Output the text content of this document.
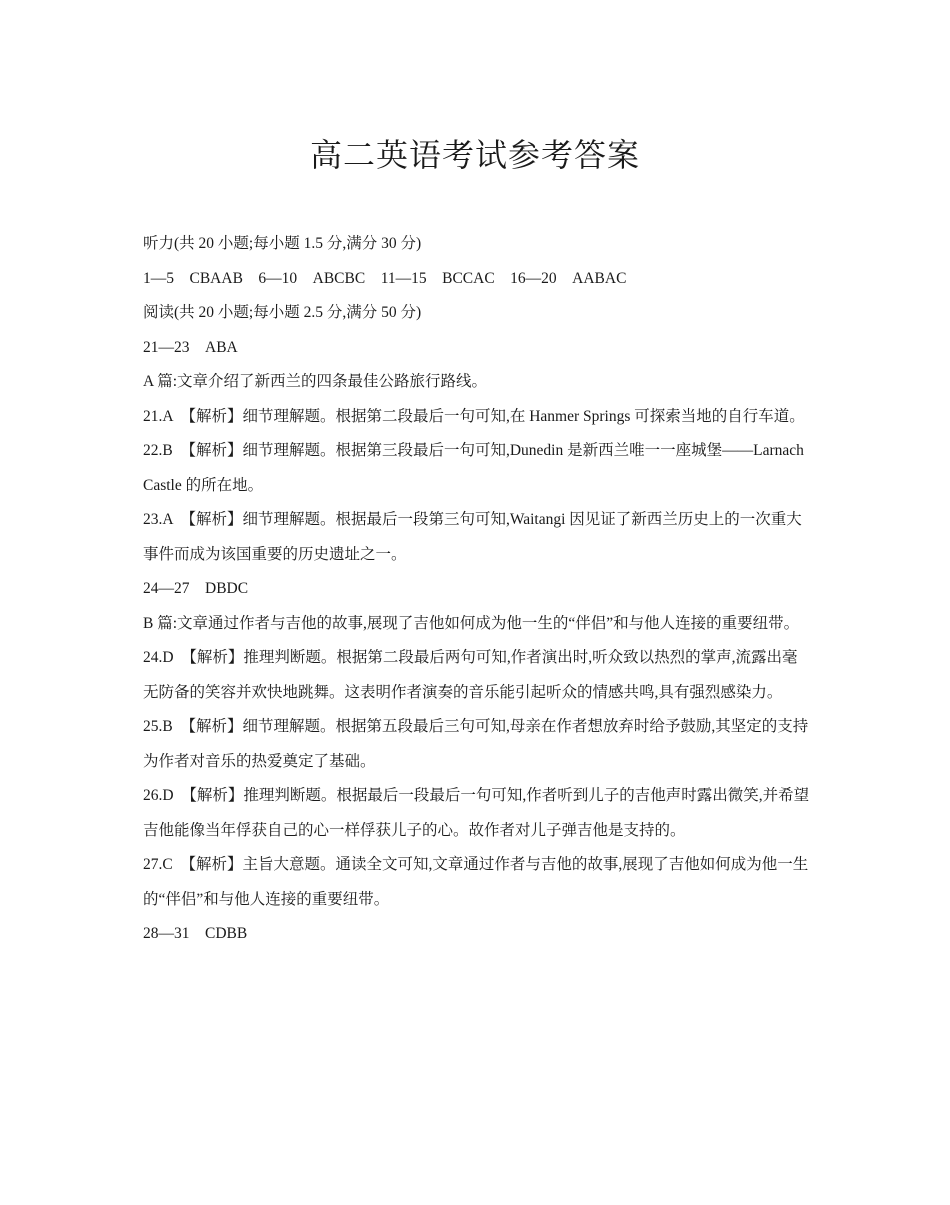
高二英语考试参考答案

听力(共 20 小题;每小题 1.5 分,满分 30 分)

1—5　CBAAB　6—10　ABCBC　11—15　BCCAC　16—20　AABAC

阅读(共 20 小题;每小题 2.5 分,满分 50 分)

21—23　ABA

A 篇:文章介绍了新西兰的四条最佳公路旅行路线。

21.A　【解析】细节理解题。根据第二段最后一句可知,在 Hanmer Springs 可探索当地的自行车道。

22.B　【解析】细节理解题。根据第三段最后一句可知,Dunedin 是新西兰唯一一座城堡——Larnach Castle 的所在地。

23.A　【解析】细节理解题。根据最后一段第三句可知,Waitangi 因见证了新西兰历史上的一次重大事件而成为该国重要的历史遗址之一。

24—27　DBDC

B 篇:文章通过作者与吉他的故事,展现了吉他如何成为他一生的“伴侣”和与他人连接的重要纽带。

24.D　【解析】推理判断题。根据第二段最后两句可知,作者演出时,听众致以热烈的掌声,流露出毫无防备的笑容并欢快地跳舞。这表明作者演奏的音乐能引起听众的情感共鸣,具有强烈感染力。

25.B　【解析】细节理解题。根据第五段最后三句可知,母亲在作者想放弃时给予鼓励,其坚定的支持为作者对音乐的热爱奠定了基础。

26.D　【解析】推理判断题。根据最后一段最后一句可知,作者听到儿子的吉他声时露出微笑,并希望吉他能像当年俘获自己的心一样俘获儿子的心。故作者对儿子弹吉他是支持的。

27.C　【解析】主旨大意题。通读全文可知,文章通过作者与吉他的故事,展现了吉他如何成为他一生的“伴侣”和与他人连接的重要纽带。

28—31　CDBB
